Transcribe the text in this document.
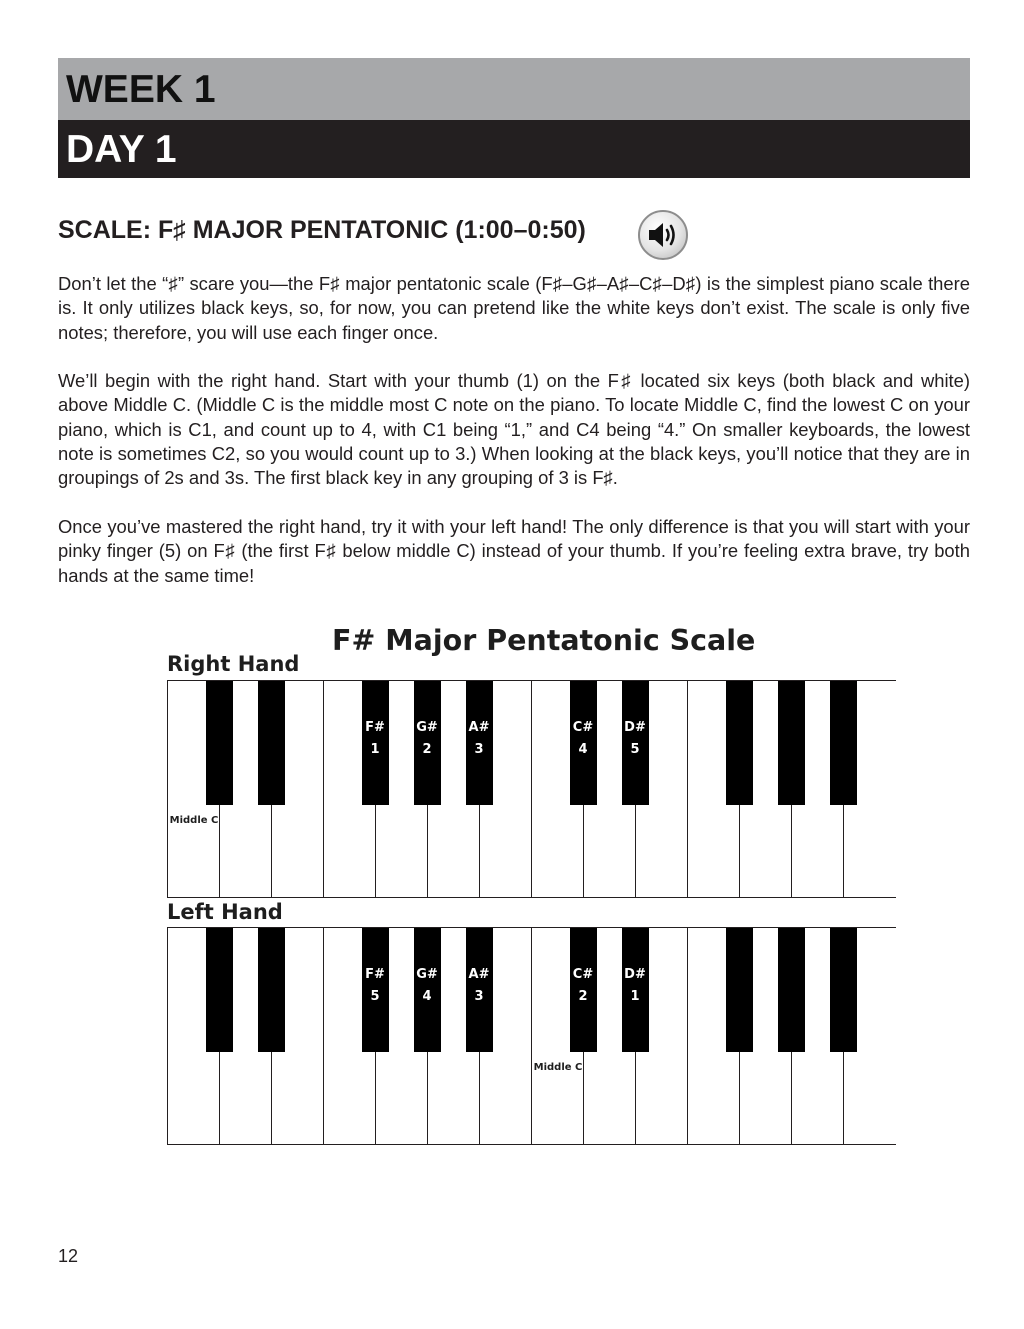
WEEK 1
DAY 1
SCALE: F♯ MAJOR PENTATONIC (1:00–0:50)

Don’t let the “♯” scare you—the F♯ major pentatonic scale (F♯–G♯–A♯–C♯–D♯) is the simplest piano scale there is. It only utilizes black keys, so, for now, you can pretend like the white keys don’t exist. The scale is only five notes; therefore, you will use each finger once.

We’ll begin with the right hand. Start with your thumb (1) on the F♯ located six keys (both black and white) above Middle C. (Middle C is the middle most C note on the piano. To locate Middle C, find the lowest C on your piano, which is C1, and count up to 4, with C1 being “1,” and C4 being “4.” On smaller keyboards, the lowest note is sometimes C2, so you would count up to 3.) When looking at the black keys, you’ll notice that they are in groupings of 2s and 3s. The first black key in any grouping of 3 is F♯.

Once you’ve mastered the right hand, try it with your left hand! The only difference is that you will start with your pinky finger (5) on F♯ (the first F♯ below middle C) instead of your thumb. If you’re feeling extra brave, try both hands at the same time!

F# Major Pentatonic Scale
Right Hand
F#
1
G#
2
A#
3
C#
4
D#
5
Middle C
Left Hand
F#
5
G#
4
A#
3
C#
2
D#
1
Middle C
12
